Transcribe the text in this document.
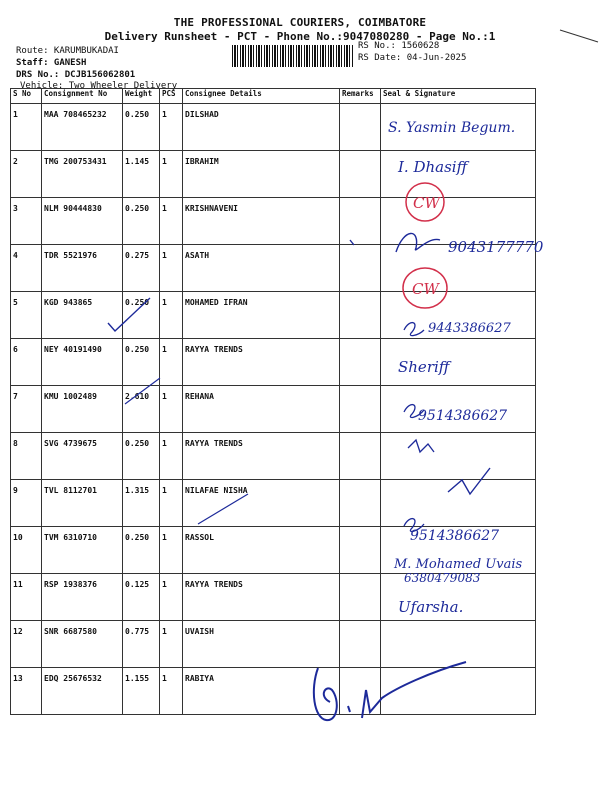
THE PROFESSIONAL COURIERS, COIMBATORE
Delivery Runsheet - PCT - Phone No.:9047080280 - Page No.:1
Route: KARUMBUKADAI
Staff: GANESH
DRS No.: DCJB156062801
Vehicle: Two Wheeler Delivery
RS No.: 1560628
RS Date: 04-Jun-2025
S No	Consignment No	Weight	PCS	Consignee Details	Remarks	Seal & Signature
1	MAA 708465232	0.250	1	DILSHAD		
2	TMG 200753431	1.145	1	IBRAHIM		
3	NLM 90444830	0.250	1	KRISHNAVENI		
4	TDR 5521976	0.275	1	ASATH		
5	KGD 943865	0.250	1	MOHAMED IFRAN		
6	NEY 40191490	0.250	1	RAYYA TRENDS		
7	KMU 1002489	2.610	1	REHANA		
8	SVG 4739675	0.250	1	RAYYA TRENDS		
9	TVL 8112701	1.315	1	NILAFAE NISHA		
10	TVM 6310710	0.250	1	RASSOL		
11	RSP 1938376	0.125	1	RAYYA TRENDS		
12	SNR 6687580	0.775	1	UVAISH		
13	EDQ 25676532	1.155	1	RABIYA		
S. Yasmin Begum.
I. Dhasiff
CW
9043177770
CW
9443386627
Sheriff
9514386627
9514386627
M. Mohamed Uvais
6380479083
Ufarsha.
